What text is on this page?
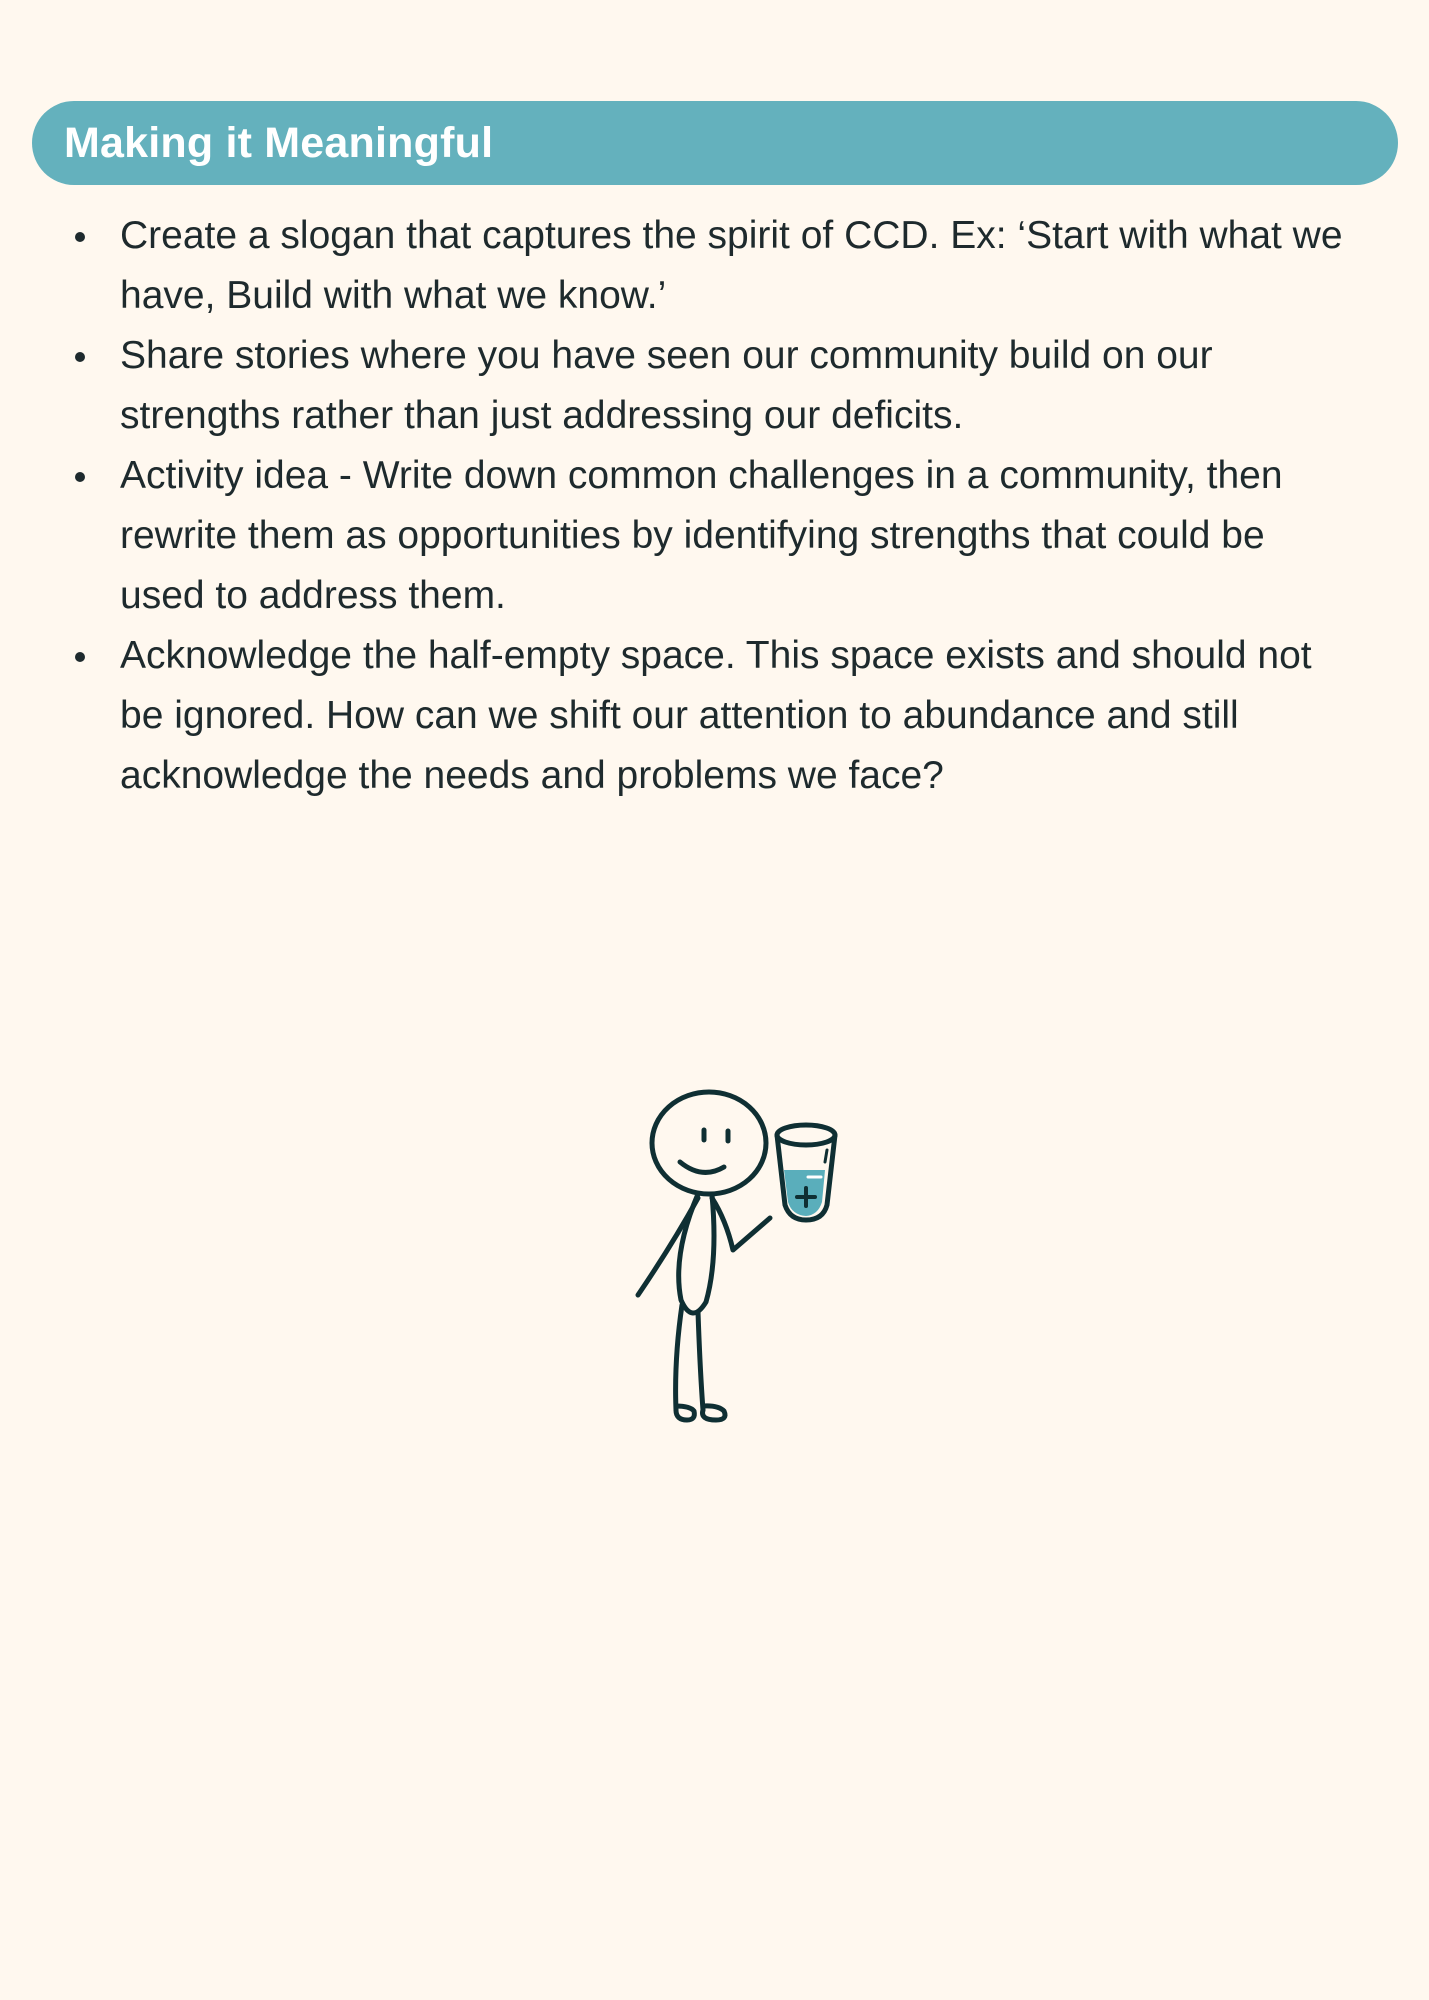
Making it Meaningful
Create a slogan that captures the spirit of CCD. Ex: ‘Start with what we have, Build with what we know.’
Share stories where you have seen our community build on our strengths rather than just addressing our deficits.
Activity idea - Write down common challenges in a community, then rewrite them as opportunities by identifying strengths that could be used to address them.
Acknowledge the half-empty space. This space exists and should not be ignored. How can we shift our attention to abundance and still acknowledge the needs and problems we face?
